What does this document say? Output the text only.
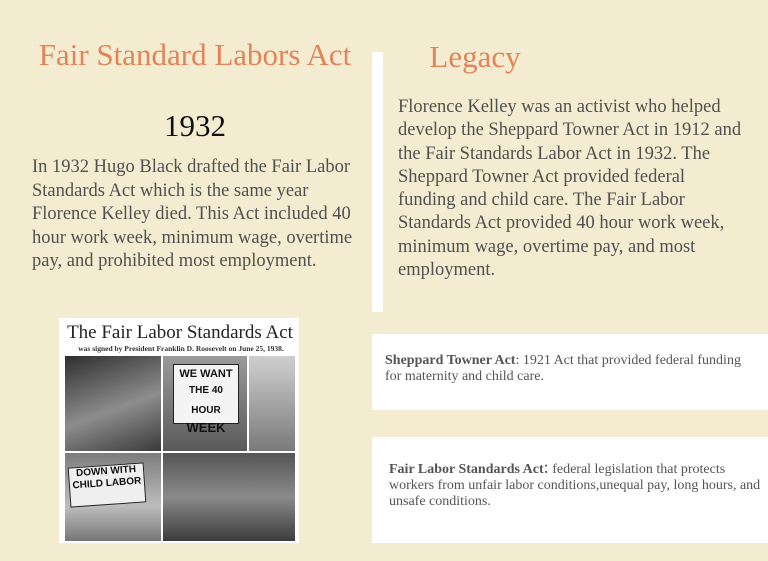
Fair Standard Labors Act
1932
In 1932 Hugo Black drafted the Fair Labor Standards Act which is the same year Florence Kelley died. This Act included 40 hour work week, minimum wage, overtime pay, and prohibited most employment.
Legacy
Florence Kelley was an activist who helped develop the Sheppard Towner Act in 1912 and the Fair Standards Labor Act in 1932. The Sheppard Towner Act provided federal funding and child care. The Fair Labor Standards Act provided 40 hour work week, minimum wage, overtime pay, and most employment.
Sheppard Towner Act: 1921 Act that provided federal funding for maternity and child care.
Fair Labor Standards Act: federal legislation that protects workers from unfair labor conditions,unequal pay, long hours, and unsafe conditions.
The Fair Labor Standards Act
was signed by President Franklin D. Roosevelt on June 25, 1938.
WE WANT
THE 40 HOUR
WEEK
DOWN WITH
CHILD LABOR
